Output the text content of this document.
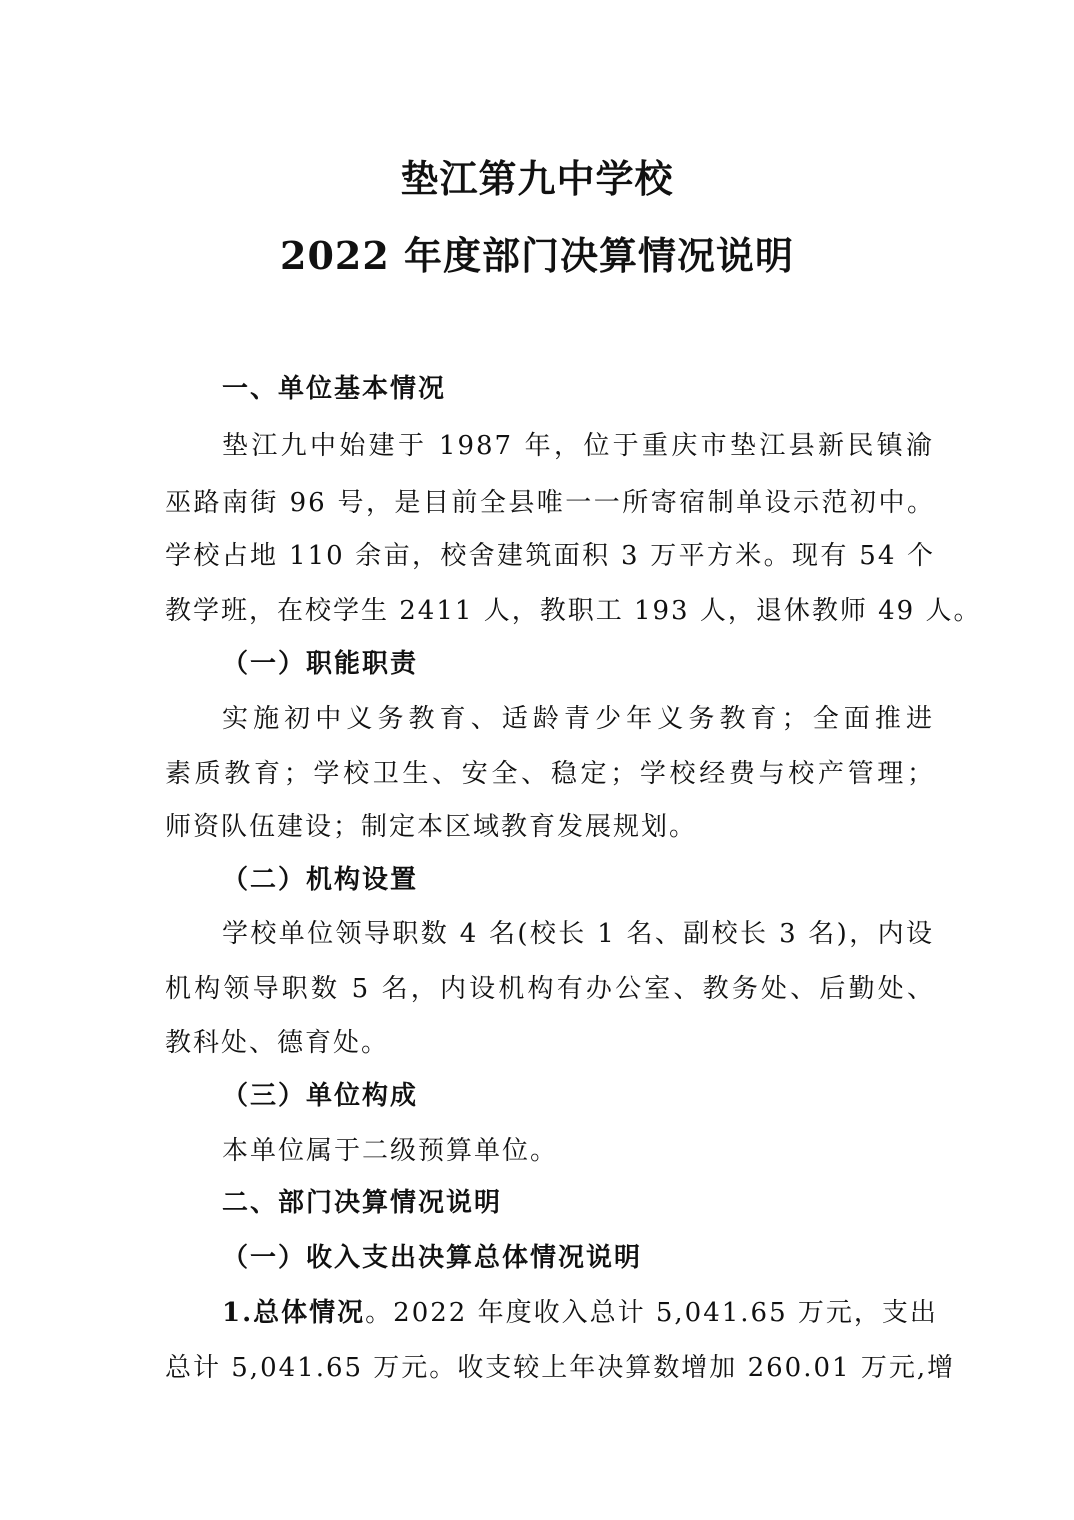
垫江第九中学校
2022 年度部门决算情况说明
一、单位基本情况
垫江九中始建于 1987 年，位于重庆市垫江县新民镇渝
巫路南街 96 号，是目前全县唯一一所寄宿制单设示范初中。
学校占地 110 余亩，校舍建筑面积 3 万平方米。现有 54 个
教学班，在校学生 2411 人，教职工 193 人，退休教师 49 人。
（一）职能职责
实施初中义务教育、适龄青少年义务教育；全面推进
素质教育；学校卫生、安全、稳定；学校经费与校产管理；
师资队伍建设；制定本区域教育发展规划。
（二）机构设置
学校单位领导职数 4 名(校长 1 名、副校长 3 名)，内设
机构领导职数 5 名，内设机构有办公室、教务处、后勤处、
教科处、德育处。
（三）单位构成
本单位属于二级预算单位。
二、部门决算情况说明
（一）收入支出决算总体情况说明
1.总体情况。2022 年度收入总计 5,041.65 万元，支出
总计 5,041.65 万元。收支较上年决算数增加 260.01 万元,增
